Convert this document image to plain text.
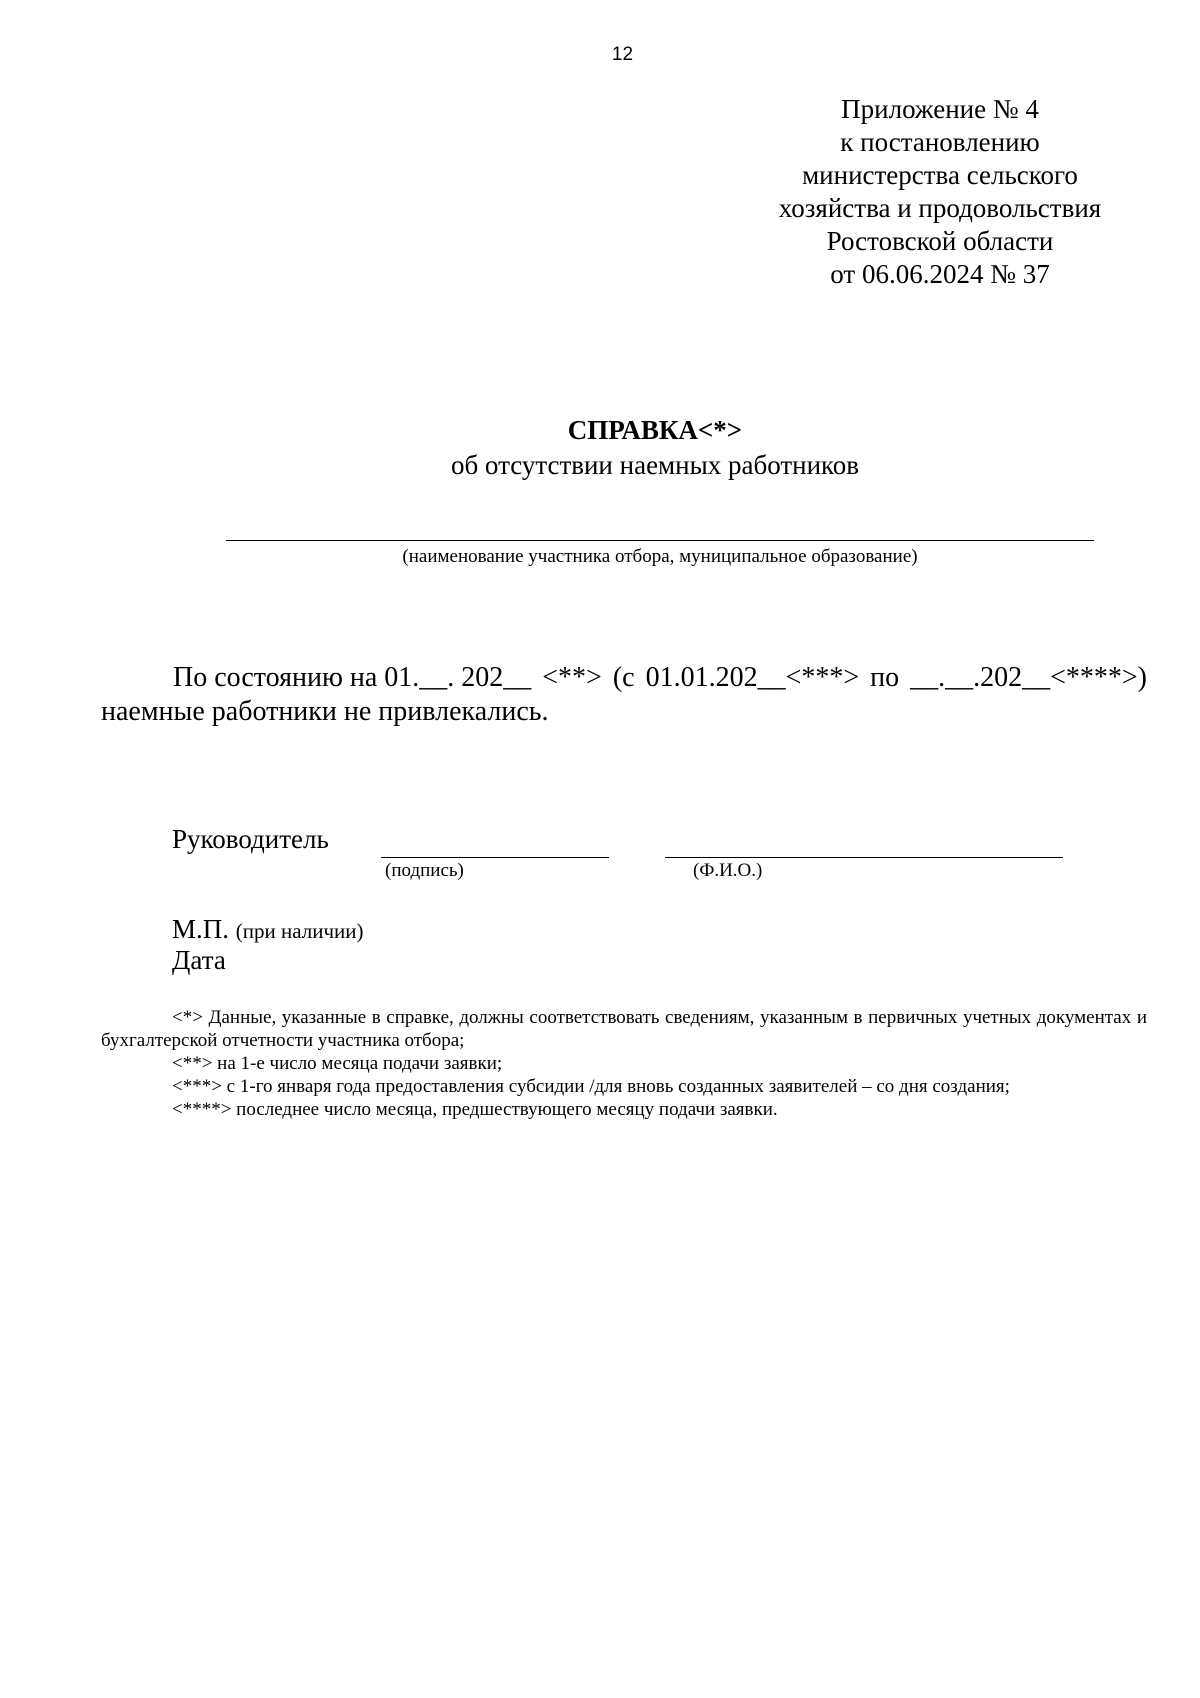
12
Приложение № 4
к постановлению
министерства сельского
хозяйства и продовольствия
Ростовской области
от 06.06.2024 № 37
СПРАВКА<*>
об отсутствии наемных работников
(наименование участника отбора, муниципальное образование)
По состоянию на 01.__. 202__ <**> (с 01.01.202__<***> по __.__.202__<****>)
наемные работники не привлекались.
Руководитель
(подпись)	(Ф.И.О.)
М.П. (при наличии)
Дата
<*> Данные, указанные в справке, должны соответствовать сведениям, указанным в первичных учетных документах и бухгалтерской отчетности участника отбора;
<**> на 1-е число месяца подачи заявки;
<***> с 1-го января года предоставления субсидии /для вновь созданных заявителей – со дня создания;
<****> последнее число месяца, предшествующего месяцу подачи заявки.
